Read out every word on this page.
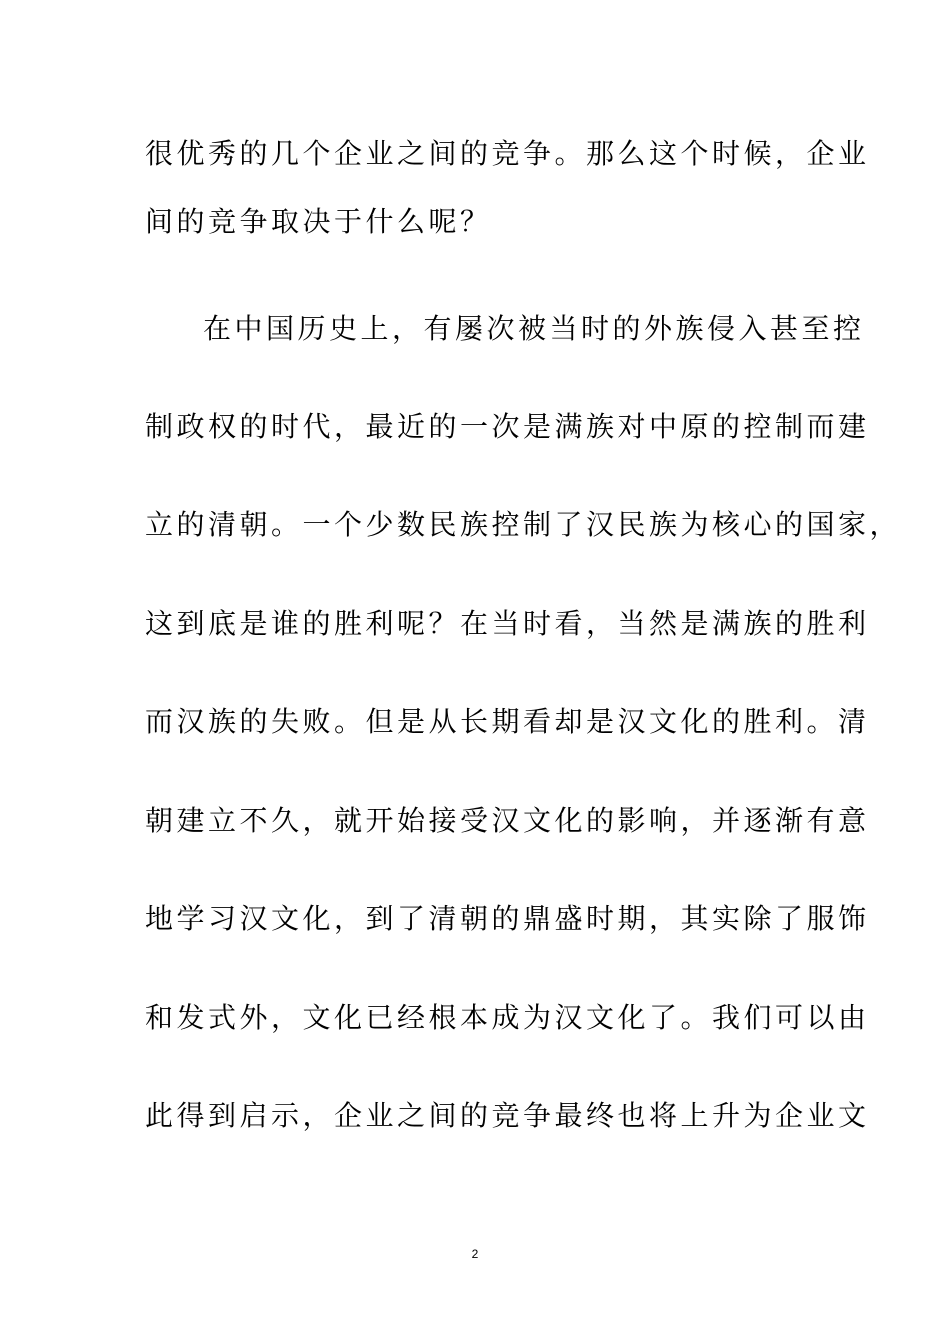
很优秀的几个企业之间的竞争。那么这个时候，企业
间的竞争取决于什么呢？
在中国历史上，有屡次被当时的外族侵入甚至控
制政权的时代，最近的一次是满族对中原的控制而建
立的清朝。一个少数民族控制了汉民族为核心的国家，
这到底是谁的胜利呢？在当时看，当然是满族的胜利
而汉族的失败。但是从长期看却是汉文化的胜利。清
朝建立不久，就开始接受汉文化的影响，并逐渐有意
地学习汉文化，到了清朝的鼎盛时期，其实除了服饰
和发式外，文化已经根本成为汉文化了。我们可以由
此得到启示，企业之间的竞争最终也将上升为企业文
2
